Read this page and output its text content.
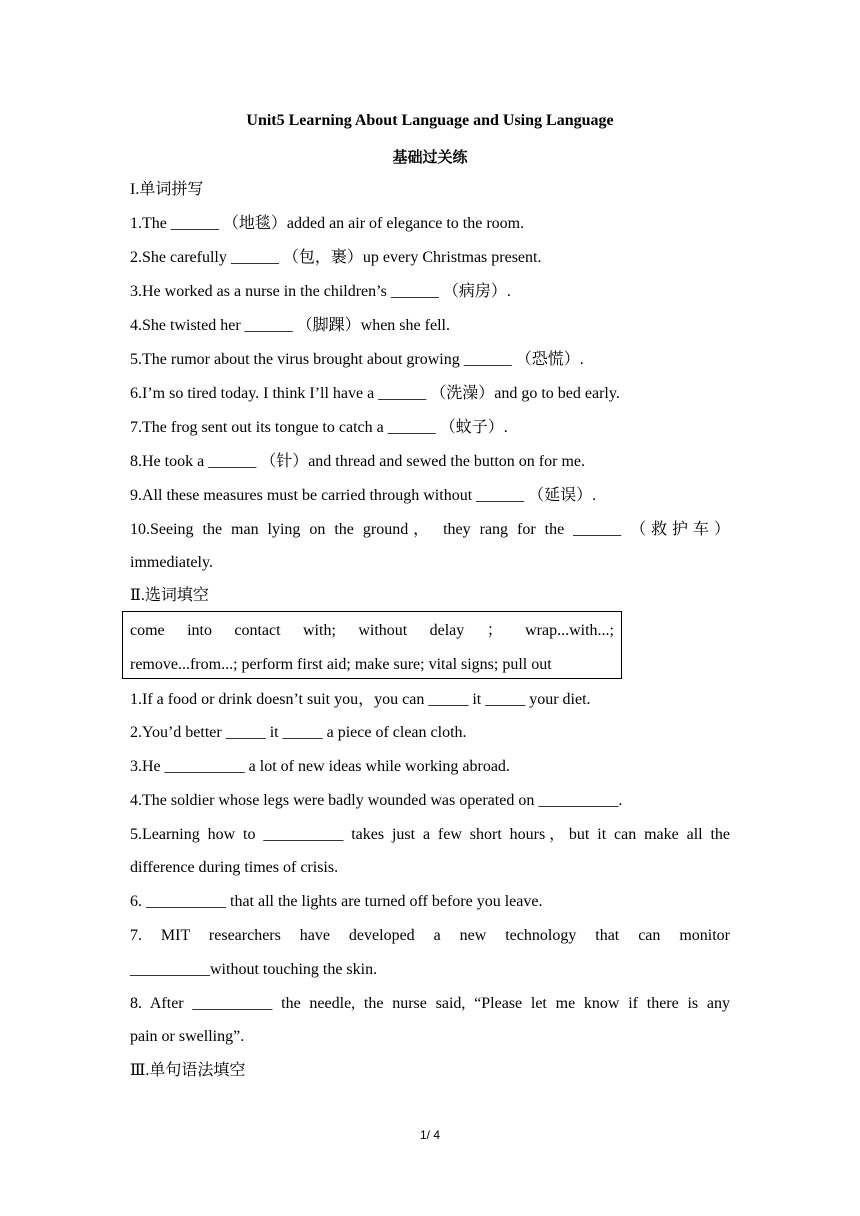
Unit5 Learning About Language and Using Language
基础过关练
I.单词拼写
1.The ______ （地毯）added an air of elegance to the room.
2.She carefully ______ （包，裹）up every Christmas present.
3.He worked as a nurse in the children’s ______ （病房）.
4.She twisted her ______ （脚踝）when she fell.
5.The rumor about the virus brought about growing ______ （恐慌）.
6.I’m so tired today. I think I’ll have a ______ （洗澡）and go to bed early.
7.The frog sent out its tongue to catch a ______ （蚊子）.
8.He took a ______ （针）and thread and sewed the button on for me.
9.All these measures must be carried through without ______ （延误）.
10.Seeing the man lying on the ground， they rang for the ______ （救护车）
immediately.
Ⅱ.选词填空
come into contact with; without delay ； wrap...with...;
remove...from...; perform first aid; make sure; vital signs; pull out
1.If a food or drink doesn’t suit you，you can _____ it _____ your diet.
2.You’d better _____ it _____ a piece of clean cloth.
3.He __________ a lot of new ideas while working abroad.
4.The soldier whose legs were badly wounded was operated on __________.
5.Learning how to __________ takes just a few short hours，but it can make all the
difference during times of crisis.
6. __________ that all the lights are turned off before you leave.
7. MIT researchers have developed a new technology that can monitor
__________without touching the skin.
8. After __________ the needle, the nurse said, “Please let me know if there is any
pain or swelling”.
Ⅲ.单句语法填空
1/ 4
